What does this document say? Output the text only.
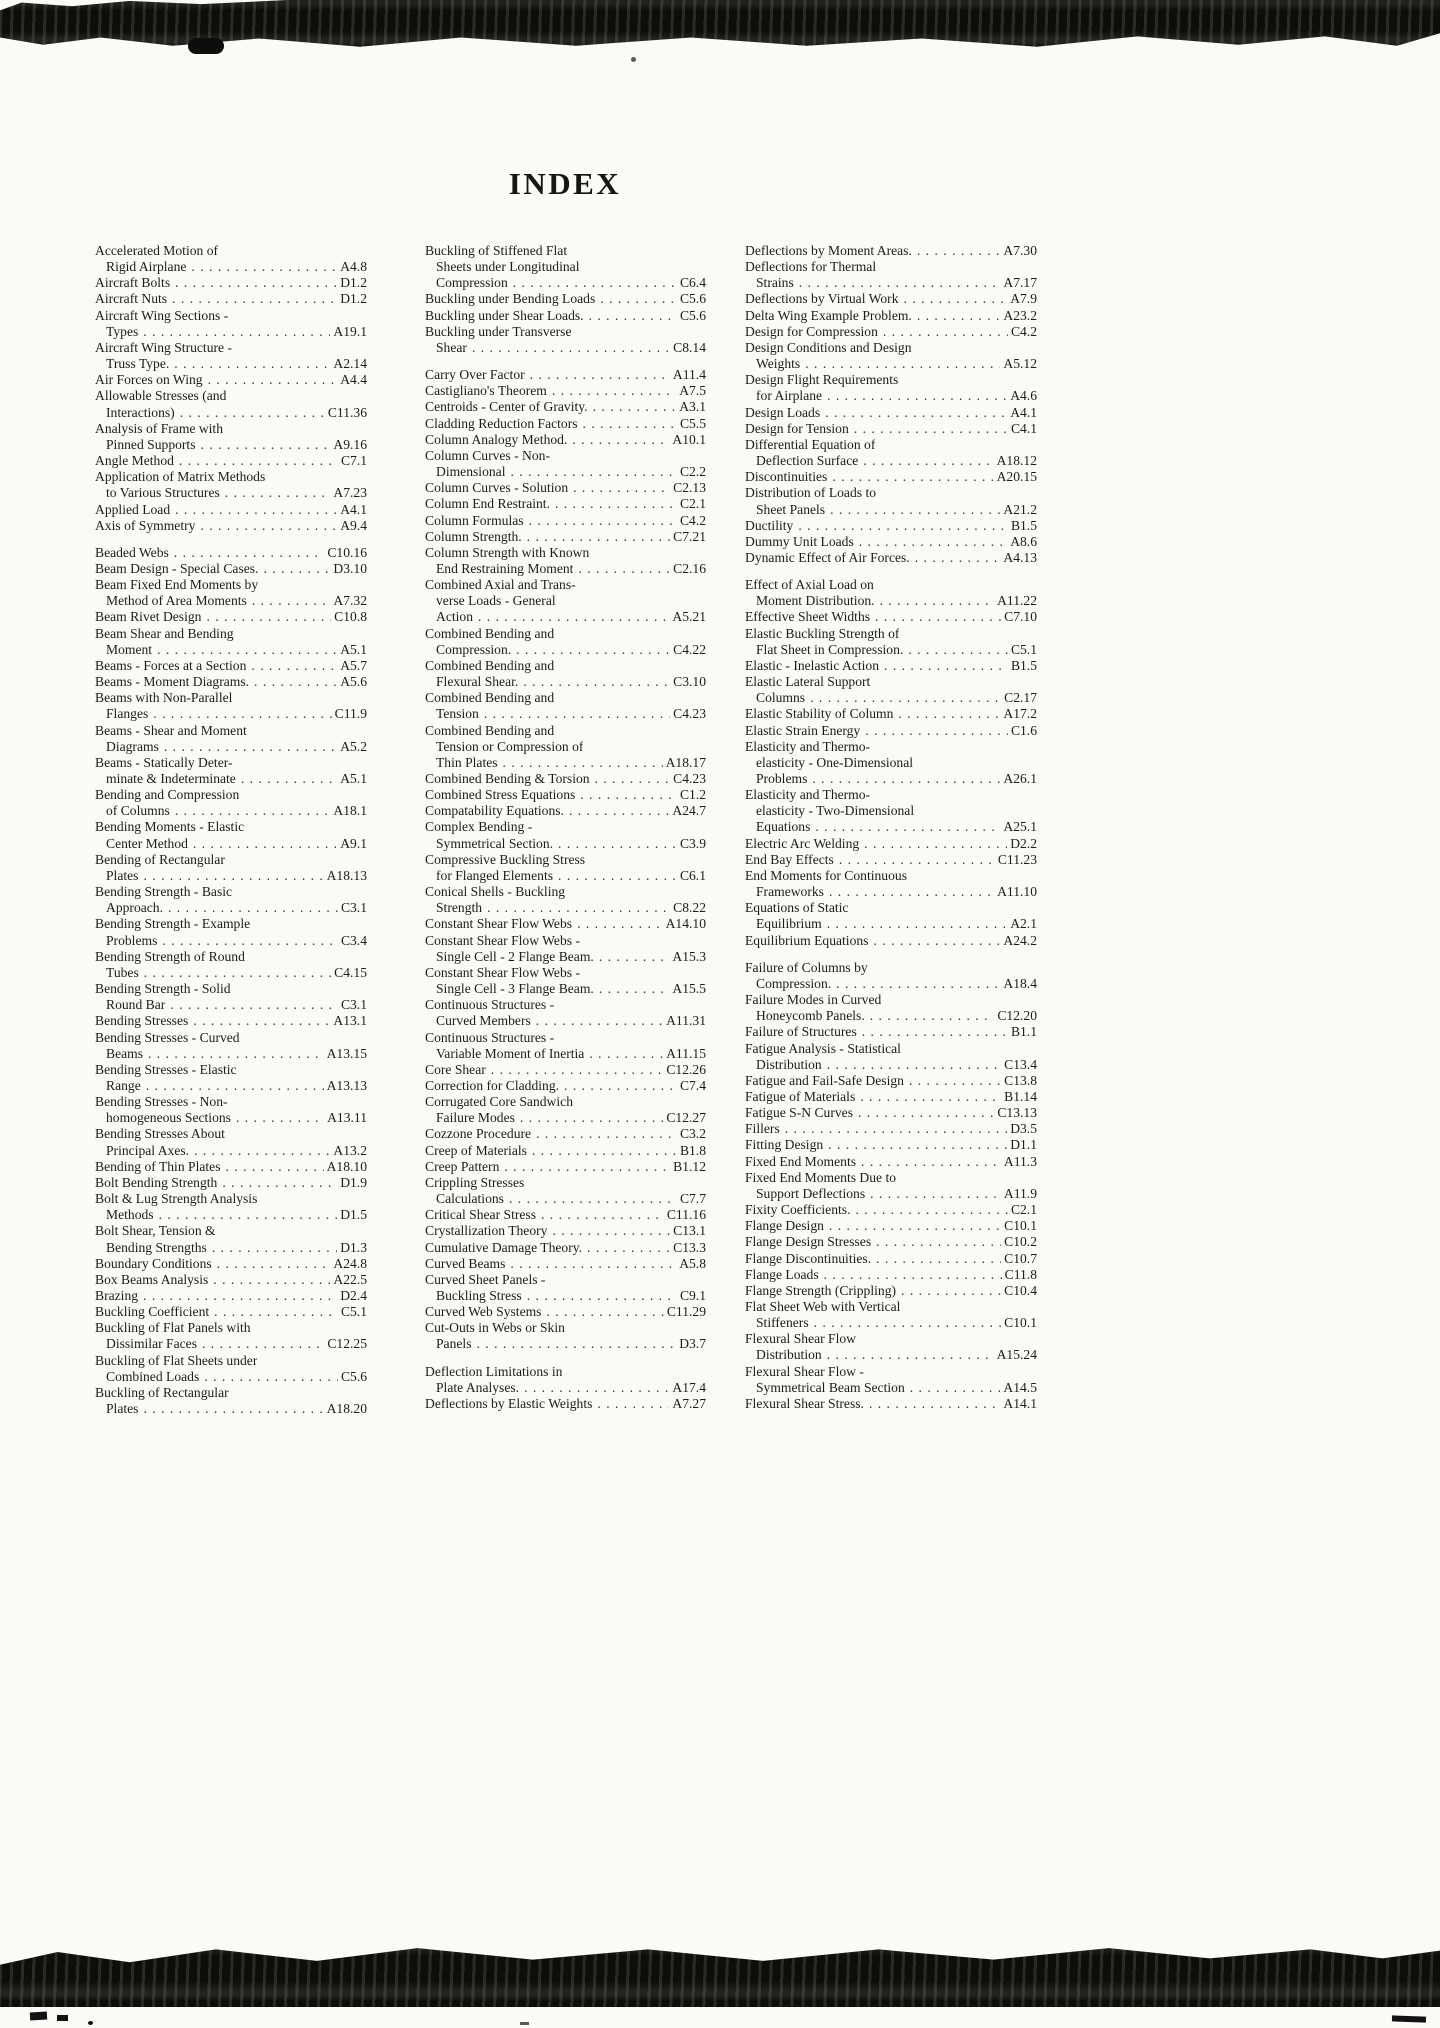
INDEX
Accelerated Motion of
Rigid Airplane . . .	A4.8
Aircraft Bolts . . .	D1.2
Aircraft Nuts . . .	D1.2
Aircraft Wing Sections -
Types . . .	A19.1
Aircraft Wing Structure -
Truss Type. . . .	A2.14
Air Forces on Wing . . .	A4.4
Allowable Stresses (and
Interactions) . . .	C11.36
Analysis of Frame with
Pinned Supports . . .	A9.16
Angle Method . . .	C7.1
Application of Matrix Methods
to Various Structures . . .	A7.23
Applied Load . . .	A4.1
Axis of Symmetry . . .	A9.4
Beaded Webs . . .	C10.16
Beam Design - Special Cases. . . .	D3.10
Beam Fixed End Moments by
Method of Area Moments . . .	A7.32
Beam Rivet Design . . .	C10.8
Beam Shear and Bending
Moment . . .	A5.1
Beams - Forces at a Section . . .	A5.7
Beams - Moment Diagrams. . . .	A5.6
Beams with Non-Parallel
Flanges . . .	C11.9
Beams - Shear and Moment
Diagrams . . .	A5.2
Beams - Statically Deter-
minate & Indeterminate . . .	A5.1
Bending and Compression
of Columns . . .	A18.1
Bending Moments - Elastic
Center Method . . .	A9.1
Bending of Rectangular
Plates . . .	A18.13
Bending Strength - Basic
Approach. . . .	C3.1
Bending Strength - Example
Problems . . .	C3.4
Bending Strength of Round
Tubes . . .	C4.15
Bending Strength - Solid
Round Bar . . .	C3.1
Bending Stresses . . .	A13.1
Bending Stresses - Curved
Beams . . .	A13.15
Bending Stresses - Elastic
Range . . .	A13.13
Bending Stresses - Non-
homogeneous Sections . . .	A13.11
Bending Stresses About
Principal Axes. . . .	A13.2
Bending of Thin Plates . . .	A18.10
Bolt Bending Strength . . .	D1.9
Bolt & Lug Strength Analysis
Methods . . .	D1.5
Bolt Shear, Tension &
Bending Strengths . . .	D1.3
Boundary Conditions . . .	A24.8
Box Beams Analysis . . .	A22.5
Brazing . . .	D2.4
Buckling Coefficient . . .	C5.1
Buckling of Flat Panels with
Dissimilar Faces . . .	C12.25
Buckling of Flat Sheets under
Combined Loads . . .	C5.6
Buckling of Rectangular
Plates . . .	A18.20
Buckling of Stiffened Flat
Sheets under Longitudinal
Compression . . .	C6.4
Buckling under Bending Loads . . .	C5.6
Buckling under Shear Loads. . . .	C5.6
Buckling under Transverse
Shear . . .	C8.14
Carry Over Factor . . .	A11.4
Castigliano's Theorem . . .	A7.5
Centroids - Center of Gravity. . . .	A3.1
Cladding Reduction Factors . . .	C5.5
Column Analogy Method. . . .	A10.1
Column Curves - Non-
Dimensional . . .	C2.2
Column Curves - Solution . . .	C2.13
Column End Restraint. . . .	C2.1
Column Formulas . . .	C4.2
Column Strength. . . .	C7.21
Column Strength with Known
End Restraining Moment . . .	C2.16
Combined Axial and Trans-
verse Loads - General
Action . . .	A5.21
Combined Bending and
Compression. . . .	C4.22
Combined Bending and
Flexural Shear. . . .	C3.10
Combined Bending and
Tension . . .	C4.23
Combined Bending and
Tension or Compression of
Thin Plates . . .	A18.17
Combined Bending & Torsion . . .	C4.23
Combined Stress Equations . . .	C1.2
Compatability Equations. . . .	A24.7
Complex Bending -
Symmetrical Section. . . .	C3.9
Compressive Buckling Stress
for Flanged Elements . . .	C6.1
Conical Shells - Buckling
Strength . . .	C8.22
Constant Shear Flow Webs . . .	A14.10
Constant Shear Flow Webs -
Single Cell - 2 Flange Beam. . . .	A15.3
Constant Shear Flow Webs -
Single Cell - 3 Flange Beam. . . .	A15.5
Continuous Structures -
Curved Members . . .	A11.31
Continuous Structures -
Variable Moment of Inertia . . .	A11.15
Core Shear . . .	C12.26
Correction for Cladding. . . .	C7.4
Corrugated Core Sandwich
Failure Modes . . .	C12.27
Cozzone Procedure . . .	C3.2
Creep of Materials . . .	B1.8
Creep Pattern . . .	B1.12
Crippling Stresses
Calculations . . .	C7.7
Critical Shear Stress . . .	C11.16
Crystallization Theory . . .	C13.1
Cumulative Damage Theory. . . .	C13.3
Curved Beams . . .	A5.8
Curved Sheet Panels -
Buckling Stress . . .	C9.1
Curved Web Systems . . .	C11.29
Cut-Outs in Webs or Skin
Panels . . .	D3.7
Deflection Limitations in
Plate Analyses. . . .	A17.4
Deflections by Elastic Weights . . .	A7.27
Deflections by Moment Areas. . . .	A7.30
Deflections for Thermal
Strains . . .	A7.17
Deflections by Virtual Work . . .	A7.9
Delta Wing Example Problem. . . .	A23.2
Design for Compression . . .	C4.2
Design Conditions and Design
Weights . . .	A5.12
Design Flight Requirements
for Airplane . . .	A4.6
Design Loads . . .	A4.1
Design for Tension . . .	C4.1
Differential Equation of
Deflection Surface . . .	A18.12
Discontinuities . . .	A20.15
Distribution of Loads to
Sheet Panels . . .	A21.2
Ductility . . .	B1.5
Dummy Unit Loads . . .	A8.6
Dynamic Effect of Air Forces. . . .	A4.13
Effect of Axial Load on
Moment Distribution. . . .	A11.22
Effective Sheet Widths . . .	C7.10
Elastic Buckling Strength of
Flat Sheet in Compression. . . .	C5.1
Elastic - Inelastic Action . . .	B1.5
Elastic Lateral Support
Columns . . .	C2.17
Elastic Stability of Column . . .	A17.2
Elastic Strain Energy . . .	C1.6
Elasticity and Thermo-
elasticity - One-Dimensional
Problems . . .	A26.1
Elasticity and Thermo-
elasticity - Two-Dimensional
Equations . . .	A25.1
Electric Arc Welding . . .	D2.2
End Bay Effects . . .	C11.23
End Moments for Continuous
Frameworks . . .	A11.10
Equations of Static
Equilibrium . . .	A2.1
Equilibrium Equations . . .	A24.2
Failure of Columns by
Compression. . . .	A18.4
Failure Modes in Curved
Honeycomb Panels. . . .	C12.20
Failure of Structures . . .	B1.1
Fatigue Analysis - Statistical
Distribution . . .	C13.4
Fatigue and Fail-Safe Design . . .	C13.8
Fatigue of Materials . . .	B1.14
Fatigue S-N Curves . . .	C13.13
Fillers . . .	D3.5
Fitting Design . . .	D1.1
Fixed End Moments . . .	A11.3
Fixed End Moments Due to
Support Deflections . . .	A11.9
Fixity Coefficients. . . .	C2.1
Flange Design . . .	C10.1
Flange Design Stresses . . .	C10.2
Flange Discontinuities. . . .	C10.7
Flange Loads . . .	C11.8
Flange Strength (Crippling) . . .	C10.4
Flat Sheet Web with Vertical
Stiffeners . . .	C10.1
Flexural Shear Flow
Distribution . . .	A15.24
Flexural Shear Flow -
Symmetrical Beam Section . . .	A14.5
Flexural Shear Stress. . . .	A14.1
